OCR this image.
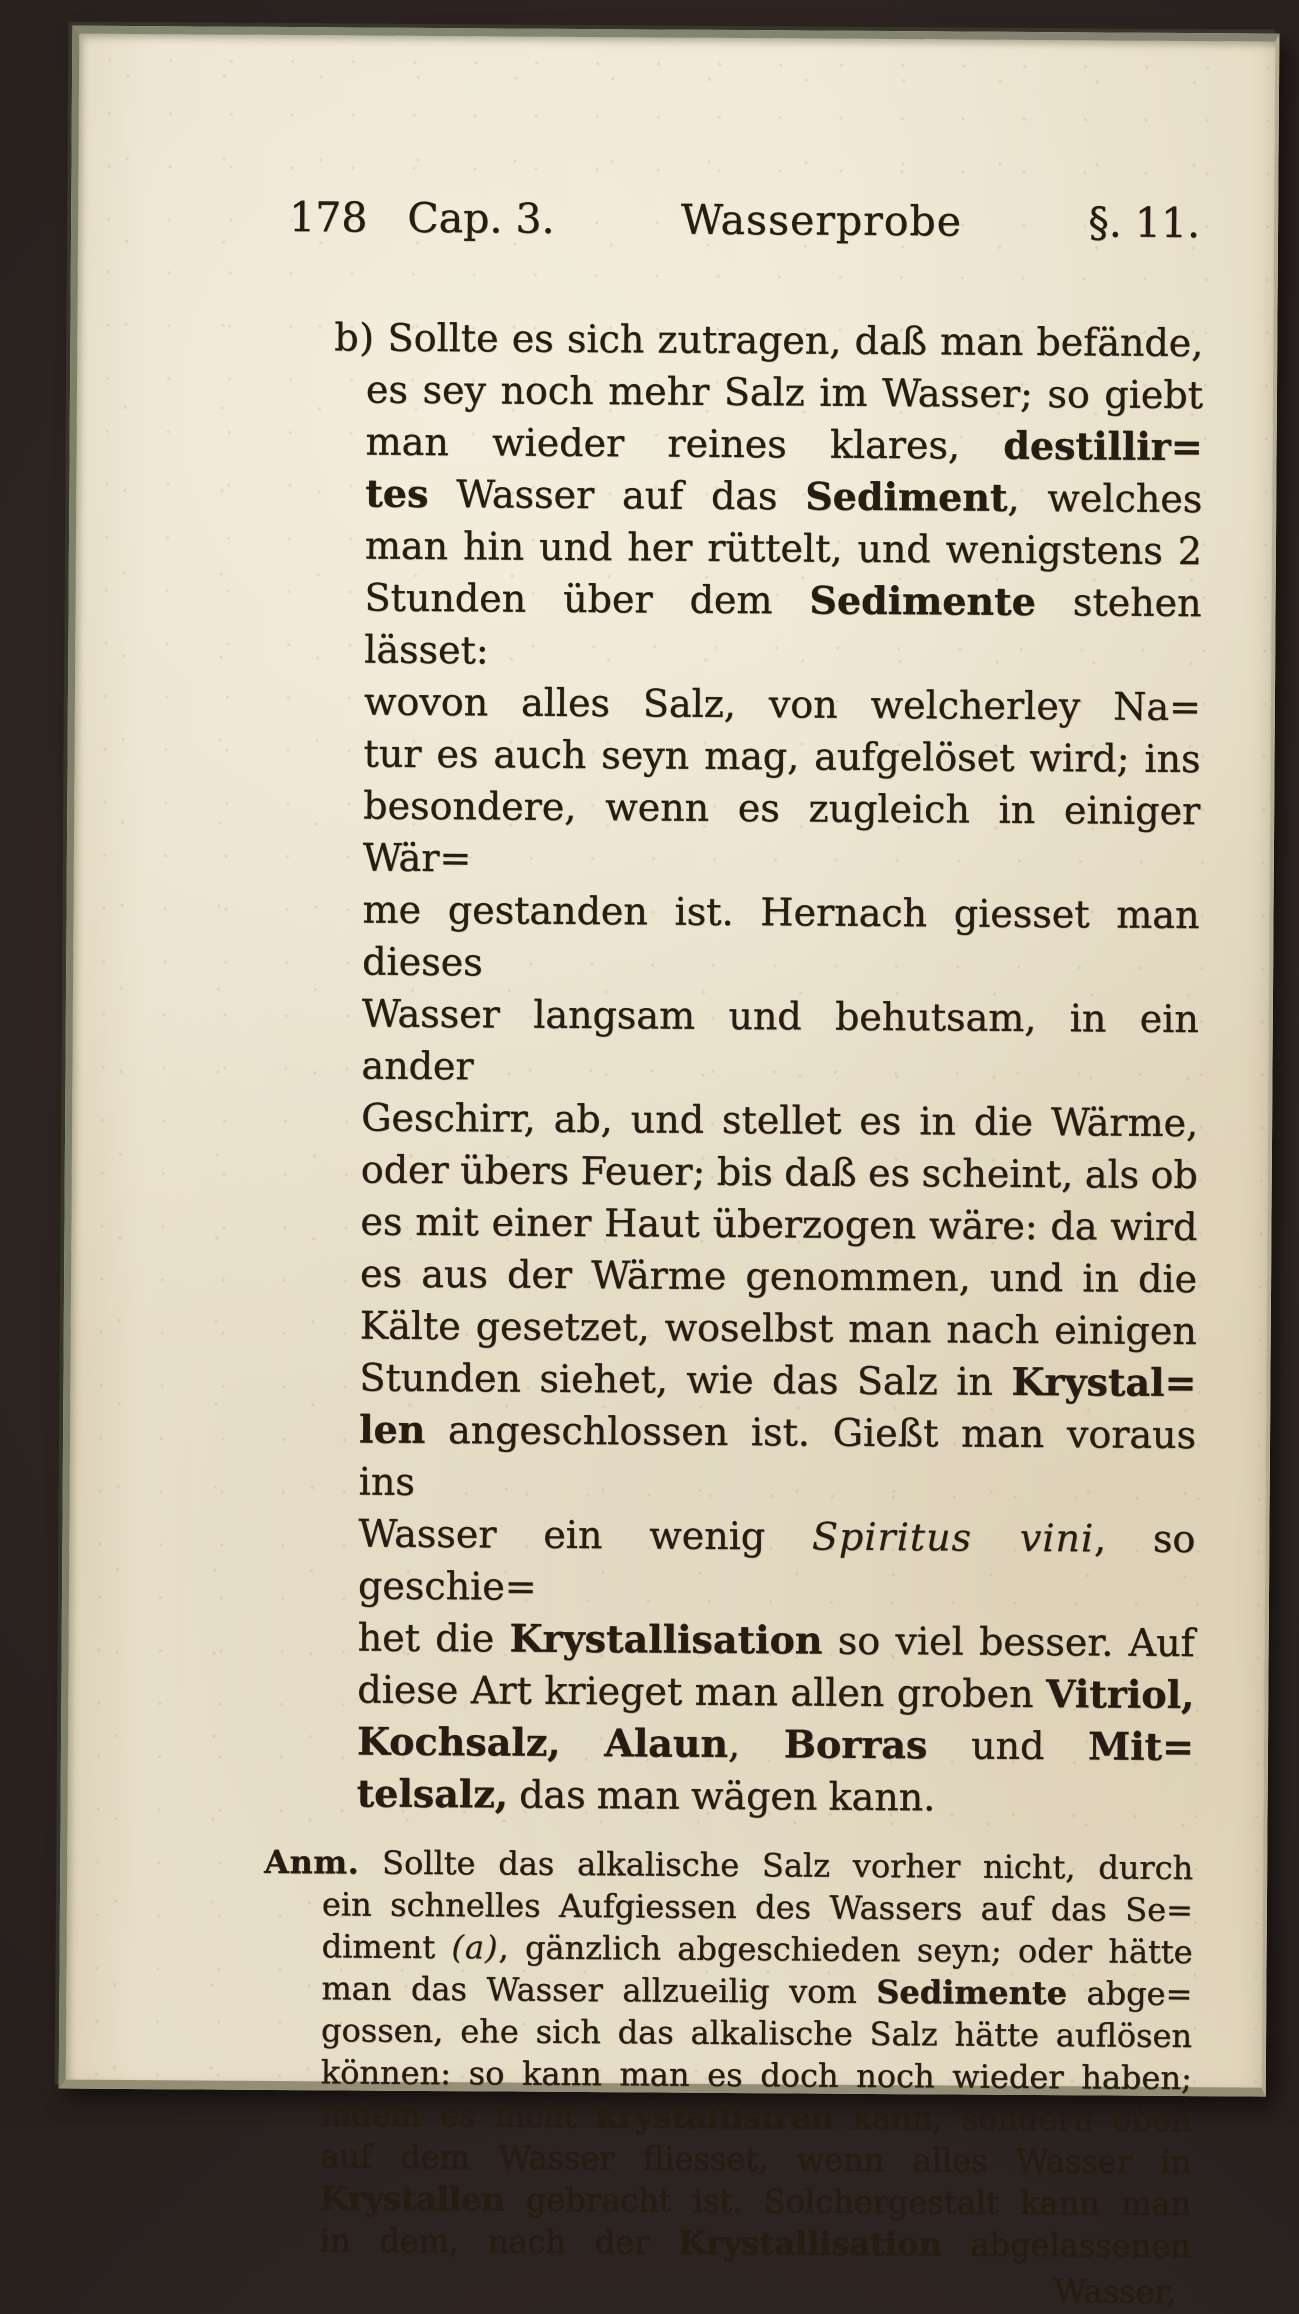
178 Cap. 3.	Wasserprobe	§. 11.
b) Sollte es sich zutragen, daß man befände,
es sey noch mehr Salz im Wasser; so giebt
man wieder reines klares, destillir=
tes Wasser auf das Sediment, welches
man hin und her rüttelt, und wenigstens 2
Stunden über dem Sedimente stehen lässet:
wovon alles Salz, von welcherley Na=
tur es auch seyn mag, aufgelöset wird; ins
besondere, wenn es zugleich in einiger Wär=
me gestanden ist. Hernach giesset man dieses
Wasser langsam und behutsam, in ein ander
Geschirr, ab, und stellet es in die Wärme,
oder übers Feuer; bis daß es scheint, als ob
es mit einer Haut überzogen wäre: da wird
es aus der Wärme genommen, und in die
Kälte gesetzet, woselbst man nach einigen
Stunden siehet, wie das Salz in Krystal=
len angeschlossen ist. Gießt man voraus ins
Wasser ein wenig Spiritus vini, so geschie=
het die Krystallisation so viel besser. Auf
diese Art krieget man allen groben Vitriol,
Kochsalz, Alaun, Borras und Mit=
telsalz, das man wägen kann.
Anm. Sollte das alkalische Salz vorher nicht, durch
ein schnelles Aufgiessen des Wassers auf das Se=
diment (a), gänzlich abgeschieden seyn; oder hätte
man das Wasser allzueilig vom Sedimente abge=
gossen, ehe sich das alkalische Salz hätte auflösen
können: so kann man es doch noch wieder haben;
indem es nicht krystallisiren kann, sondern oben
auf dem Wasser fliesset, wenn alles Wasser in
Krystallen gebracht ist. Solchergestalt kann man
in dem, nach der Krystallisation abgelassenen
Wasser,
